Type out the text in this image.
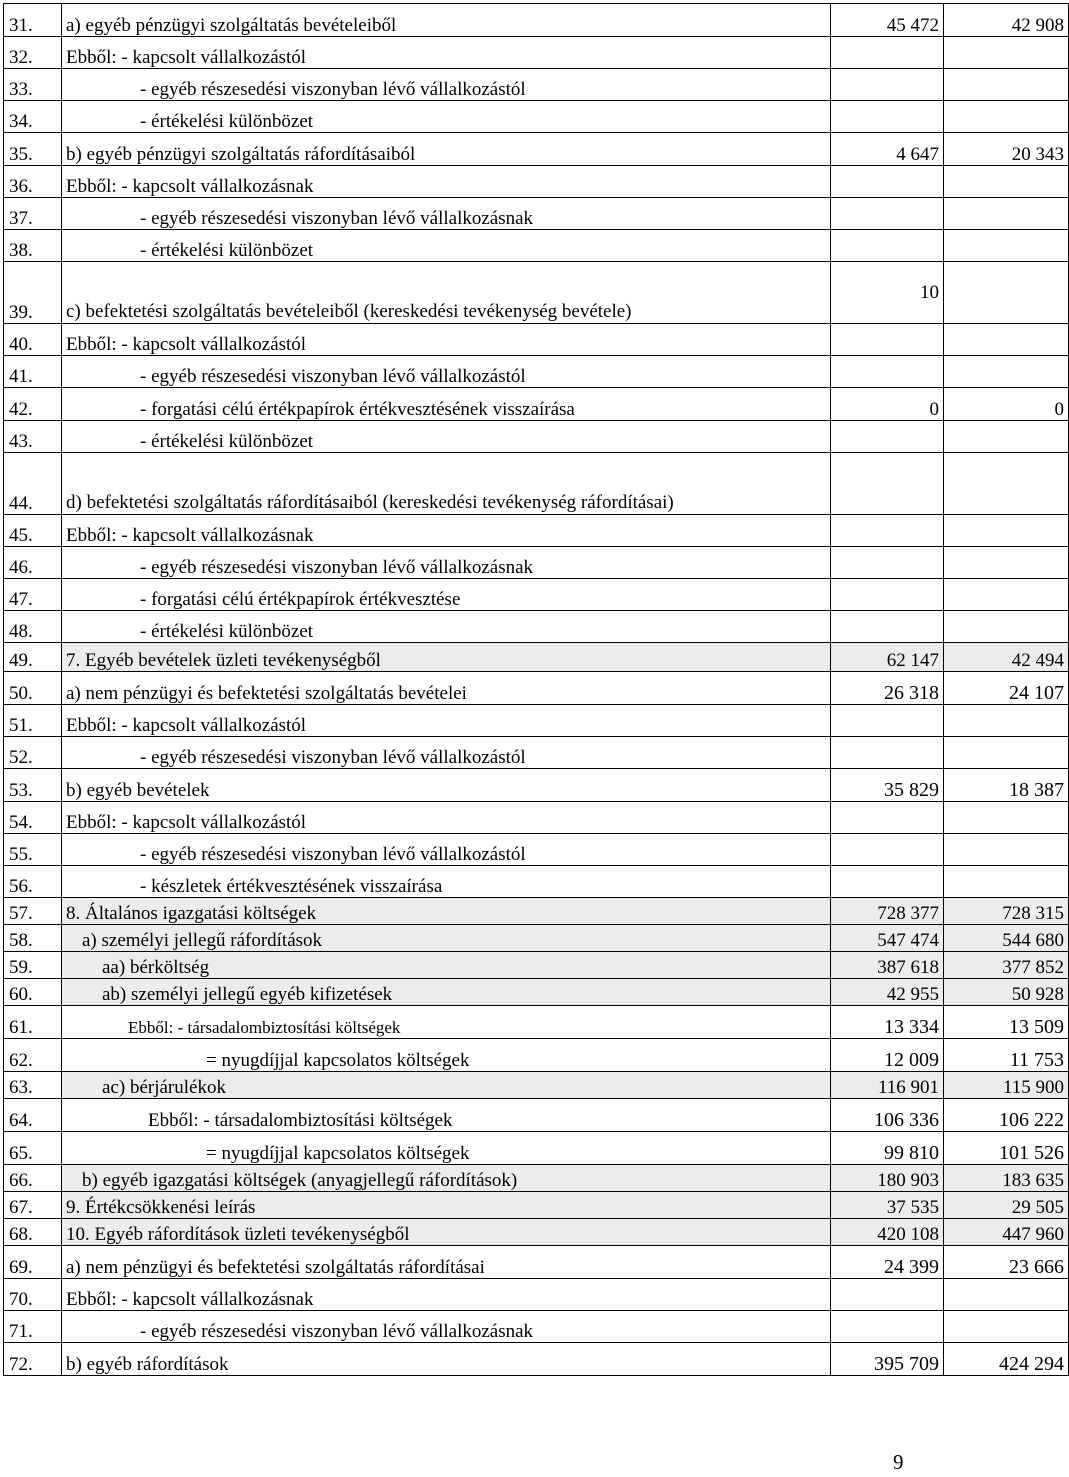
31.	a) egyéb pénzügyi szolgáltatás bevételeiből	45 472	42 908
32.	Ebből: - kapcsolt vállalkozástól		
33.	- egyéb részesedési viszonyban lévő vállalkozástól		
34.	- értékelési különbözet		
35.	b) egyéb pénzügyi szolgáltatás ráfordításaiból	4 647	20 343
36.	Ebből: - kapcsolt vállalkozásnak		
37.	- egyéb részesedési viszonyban lévő vállalkozásnak		
38.	- értékelési különbözet		
39.	c) befektetési szolgáltatás bevételeiből (kereskedési tevékenység bevétele)	10	
40.	Ebből: - kapcsolt vállalkozástól		
41.	- egyéb részesedési viszonyban lévő vállalkozástól		
42.	- forgatási célú értékpapírok értékvesztésének visszaírása	0	0
43.	- értékelési különbözet		
44.	d) befektetési szolgáltatás ráfordításaiból (kereskedési tevékenység ráfordításai)		
45.	Ebből: - kapcsolt vállalkozásnak		
46.	- egyéb részesedési viszonyban lévő vállalkozásnak		
47.	- forgatási célú értékpapírok értékvesztése		
48.	- értékelési különbözet		
49.	7. Egyéb bevételek üzleti tevékenységből	62 147	42 494
50.	a) nem pénzügyi és befektetési szolgáltatás bevételei	26 318	24 107
51.	Ebből: - kapcsolt vállalkozástól		
52.	- egyéb részesedési viszonyban lévő vállalkozástól		
53.	b) egyéb bevételek	35 829	18 387
54.	Ebből: - kapcsolt vállalkozástól		
55.	- egyéb részesedési viszonyban lévő vállalkozástól		
56.	- készletek értékvesztésének visszaírása		
57.	8. Általános igazgatási költségek	728 377	728 315
58.	a) személyi jellegű ráfordítások	547 474	544 680
59.	aa) bérköltség	387 618	377 852
60.	ab) személyi jellegű egyéb kifizetések	42 955	50 928
61.	Ebből: - társadalombiztosítási költségek	13 334	13 509
62.	= nyugdíjjal kapcsolatos költségek	12 009	11 753
63.	ac) bérjárulékok	116 901	115 900
64.	Ebből: - társadalombiztosítási költségek	106 336	106 222
65.	= nyugdíjjal kapcsolatos költségek	99 810	101 526
66.	b) egyéb igazgatási költségek (anyagjellegű ráfordítások)	180 903	183 635
67.	9. Értékcsökkenési leírás	37 535	29 505
68.	10. Egyéb ráfordítások üzleti tevékenységből	420 108	447 960
69.	a) nem pénzügyi és befektetési szolgáltatás ráfordításai	24 399	23 666
70.	Ebből: - kapcsolt vállalkozásnak		
71.	- egyéb részesedési viszonyban lévő vállalkozásnak		
72.	b) egyéb ráfordítások	395 709	424 294
9
